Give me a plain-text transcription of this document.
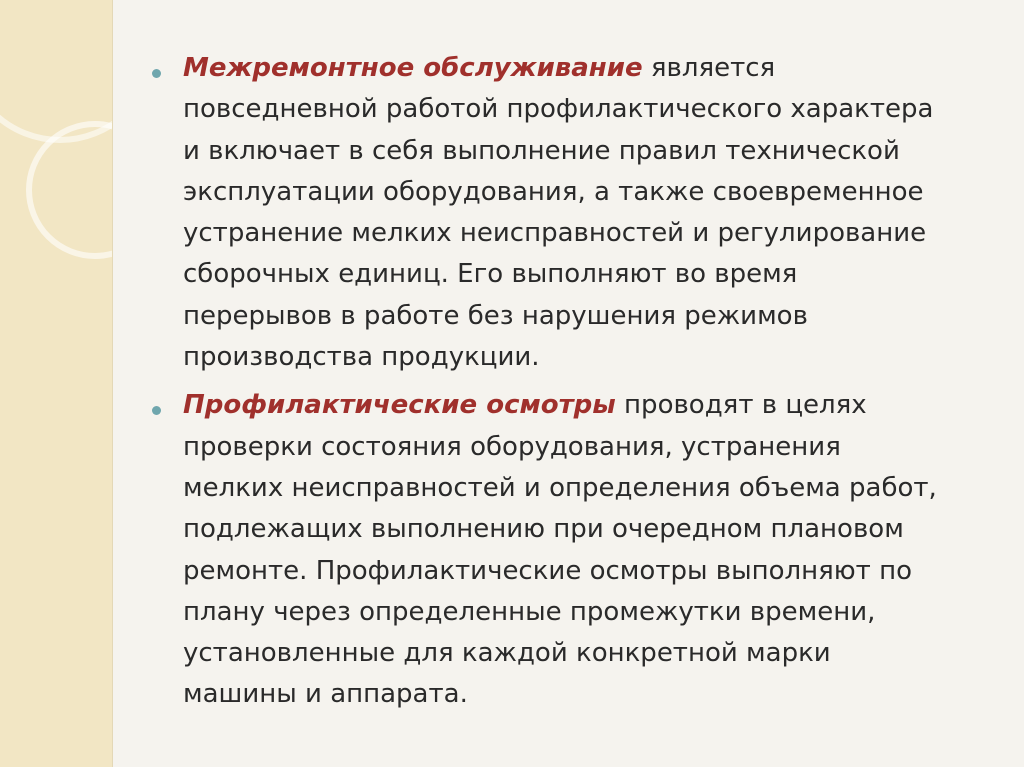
Межремонтное обслуживание является повседневной работой профилактического характера и включает в себя выполнение правил технической эксплуатации оборудования, а также своевременное устранение мелких неисправностей и регулирование сборочных единиц. Его выполняют во время перерывов в работе без нарушения режимов производства продукции.

Профилактические осмотры проводят в целях проверки состояния оборудования, устранения мелких неисправностей и определения объема работ, подлежащих выполнению при очередном плановом ремонте. Профилактические осмотры выполняют по плану через определенные промежутки времени, установленные для каждой конкретной марки машины и аппарата.
